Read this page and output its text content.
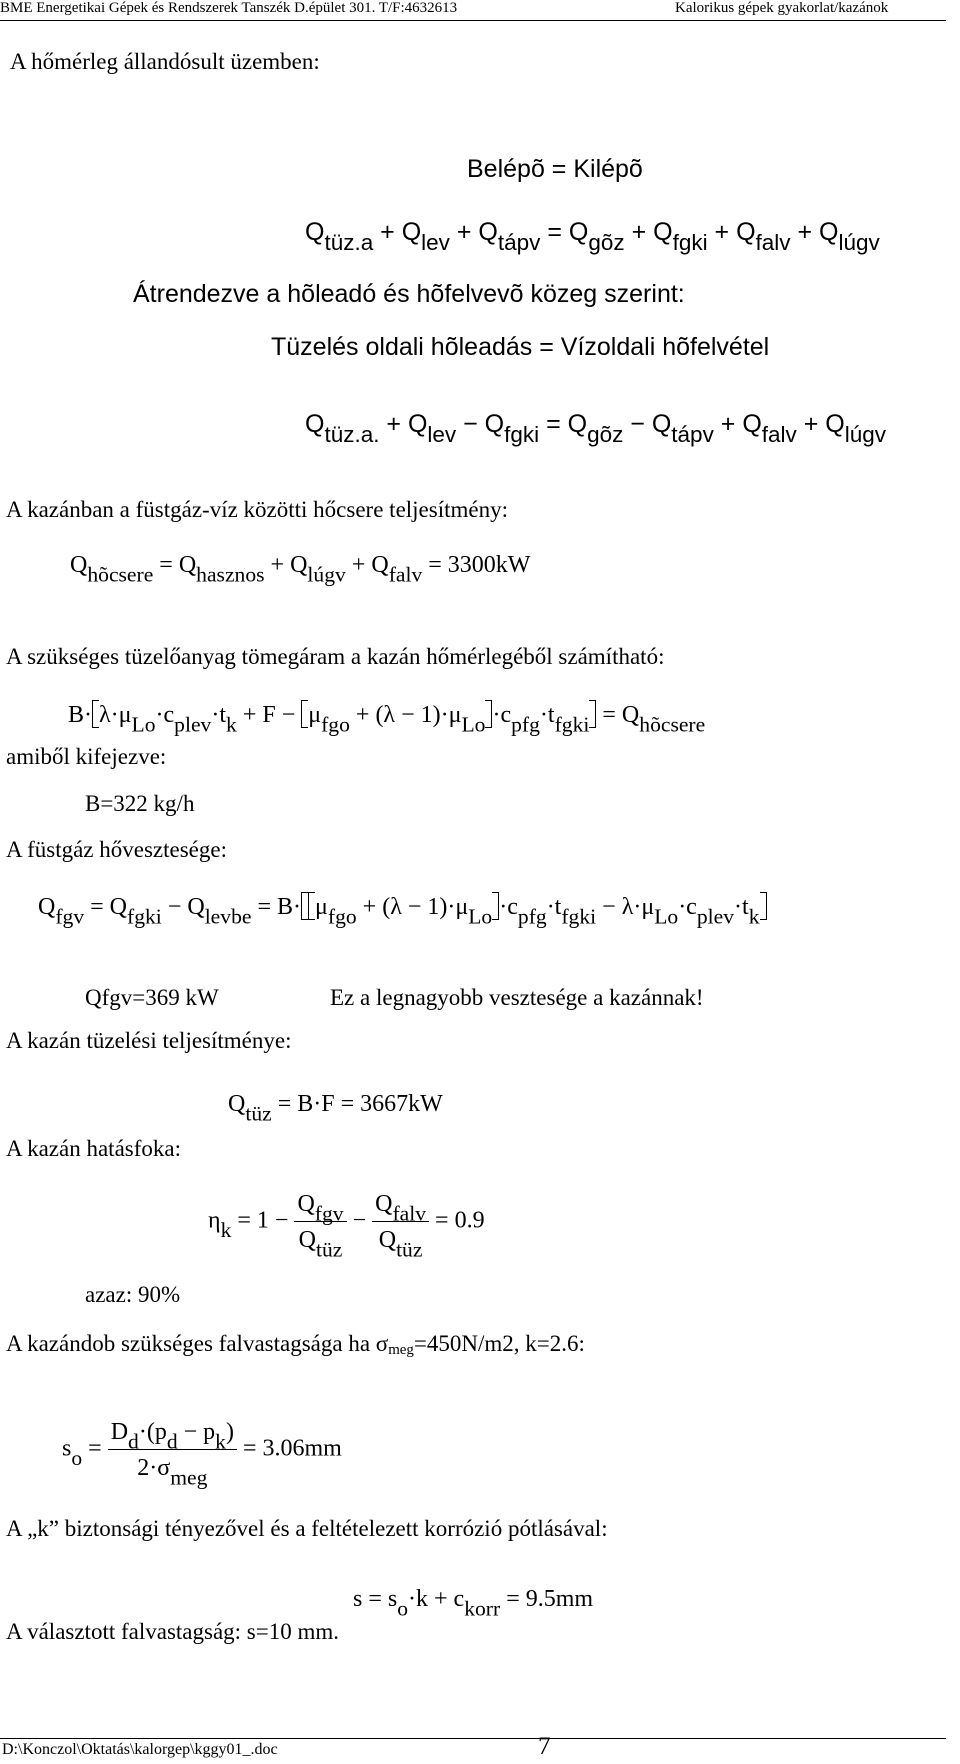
BME Energetikai Gépek és Rendszerek Tanszék D.épület 301. T/F:4632613	Kalorikus gépek gyakorlat/kazánok
A hőmérleg állandósult üzemben:
Belépõ = Kilépõ
$Q_{tüz.a} + Q_{lev} + Q_{tápv} = Q_{gõz} + Q_{fgki} + Q_{falv} + Q_{lúgv}$
Átrendezve a hõleadó és hõfelvevõ közeg szerint:
Tüzelés oldali hõleadás = Vízoldali hõfelvétel
$Q_{tüz.a.} + Q_{lev} - Q_{fgki} = Q_{gõz} - Q_{tápv} + Q_{falv} + Q_{lúgv}$
A kazánban a füstgáz-víz közötti hőcsere teljesítmény:
$Q_{hõcsere} = Q_{hasznos} + Q_{lúgv} + Q_{falv} = 3300kW$
A szükséges tüzelőanyag tömegáram a kazán hőmérlegéből számítható:
$B\cdot \lambda\cdot\mu_{Lo}\cdot c_{plev}\cdot t_k + F - \mu_{fgo} + (\lambda - 1)\cdot\mu_{Lo} \cdot c_{pfg}\cdot t_{fgki} = Q_{hõcsere}$
amiből kifejezve:
B=322 kg/h
A füstgáz hővesztesége:
$Q_{fgv} = Q_{fgki} - Q_{levbe} = B\cdot \mu_{fgo} + (\lambda - 1)\cdot\mu_{Lo} \cdot c_{pfg}\cdot t_{fgki} - \lambda\cdot\mu_{Lo}\cdot c_{plev}\cdot t_k$
Qfgv=369 kW	Ez a legnagyobb vesztesége a kazánnak!
A kazán tüzelési teljesítménye:
$Q_{tüz} = B\cdot F = 3667kW$
A kazán hatásfoka:
$\eta_k = 1 - \frac{Q_{fgv}}{Q_{tüz}} - \frac{Q_{falv}}{Q_{tüz}} = 0.9$
azaz: 90%
A kazándob szükséges falvastagsága ha $\sigma_{meg}=450N/m2$, k=2.6:
$s_o = \frac{D_d\cdot(p_d - p_k)}{2\cdot\sigma_{meg}} = 3.06mm$
A „k” biztonsági tényezővel és a feltételezett korrózió pótlásával:
$s = s_o\cdot k + c_{korr} = 9.5mm$
A választott falvastagság: s=10 mm.
D:\Konczol\Oktatás\kalorgep\kggy01_.doc	7
